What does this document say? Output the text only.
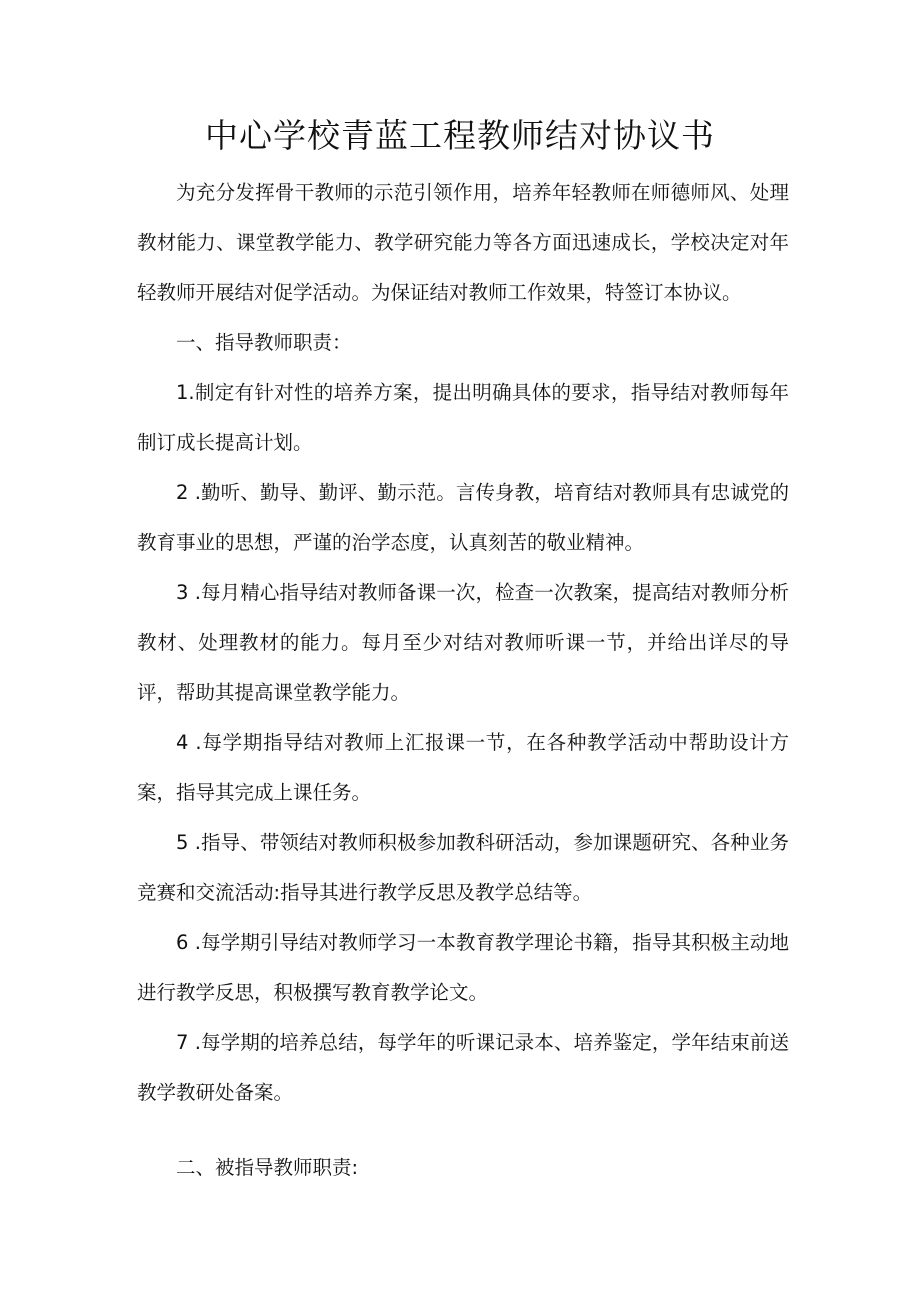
中心学校青蓝工程教师结对协议书
为充分发挥骨干教师的示范引领作用，培养年轻教师在师德师风、处理教材能力、课堂教学能力、教学研究能力等各方面迅速成长，学校决定对年轻教师开展结对促学活动。为保证结对教师工作效果，特签订本协议。
一、指导教师职责：
1.制定有针对性的培养方案，提出明确具体的要求，指导结对教师每年制订成长提高计划。
2 .勤听、勤导、勤评、勤示范。言传身教，培育结对教师具有忠诚党的教育事业的思想，严谨的治学态度，认真刻苦的敬业精神。
3 .每月精心指导结对教师备课一次，检查一次教案，提高结对教师分析教材、处理教材的能力。每月至少对结对教师听课一节，并给出详尽的导评，帮助其提高课堂教学能力。
4 .每学期指导结对教师上汇报课一节，在各种教学活动中帮助设计方案，指导其完成上课任务。
5 .指导、带领结对教师积极参加教科研活动，参加课题研究、各种业务竞赛和交流活动:指导其进行教学反思及教学总结等。
6 .每学期引导结对教师学习一本教育教学理论书籍，指导其积极主动地进行教学反思，积极撰写教育教学论文。
7 .每学期的培养总结，每学年的听课记录本、培养鉴定，学年结束前送教学教研处备案。
二、被指导教师职责:
